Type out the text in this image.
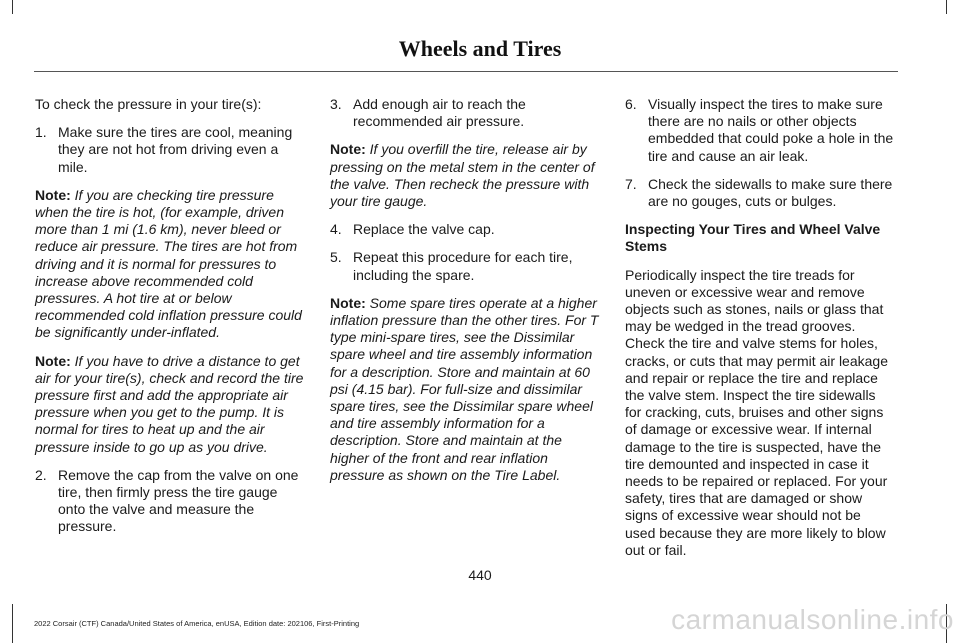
Wheels and Tires

To check the pressure in your tire(s):

1. Make sure the tires are cool, meaning they are not hot from driving even a mile.

Note: If you are checking tire pressure when the tire is hot, (for example, driven more than 1 mi (1.6 km), never bleed or reduce air pressure. The tires are hot from driving and it is normal for pressures to increase above recommended cold pressures. A hot tire at or below recommended cold inflation pressure could be significantly under-inflated.

Note: If you have to drive a distance to get air for your tire(s), check and record the tire pressure first and add the appropriate air pressure when you get to the pump. It is normal for tires to heat up and the air pressure inside to go up as you drive.

2. Remove the cap from the valve on one tire, then firmly press the tire gauge onto the valve and measure the pressure.
3. Add enough air to reach the recommended air pressure.

Note: If you overfill the tire, release air by pressing on the metal stem in the center of the valve. Then recheck the pressure with your tire gauge.

4. Replace the valve cap.
5. Repeat this procedure for each tire, including the spare.

Note: Some spare tires operate at a higher inflation pressure than the other tires. For T type mini-spare tires, see the Dissimilar spare wheel and tire assembly information for a description. Store and maintain at 60 psi (4.15 bar). For full-size and dissimilar spare tires, see the Dissimilar spare wheel and tire assembly information for a description. Store and maintain at the higher of the front and rear inflation pressure as shown on the Tire Label.

6. Visually inspect the tires to make sure there are no nails or other objects embedded that could poke a hole in the tire and cause an air leak.
7. Check the sidewalls to make sure there are no gouges, cuts or bulges.
Inspecting Your Tires and Wheel Valve Stems

Periodically inspect the tire treads for uneven or excessive wear and remove objects such as stones, nails or glass that may be wedged in the tread grooves. Check the tire and valve stems for holes, cracks, or cuts that may permit air leakage and repair or replace the tire and replace the valve stem. Inspect the tire sidewalls for cracking, cuts, bruises and other signs of damage or excessive wear. If internal damage to the tire is suspected, have the tire demounted and inspected in case it needs to be repaired or replaced. For your safety, tires that are damaged or show signs of excessive wear should not be used because they are more likely to blow out or fail.

440
2022 Corsair (CTF) Canada/United States of America, enUSA, Edition date: 202106, First-Printing	carmanualsonline.info
